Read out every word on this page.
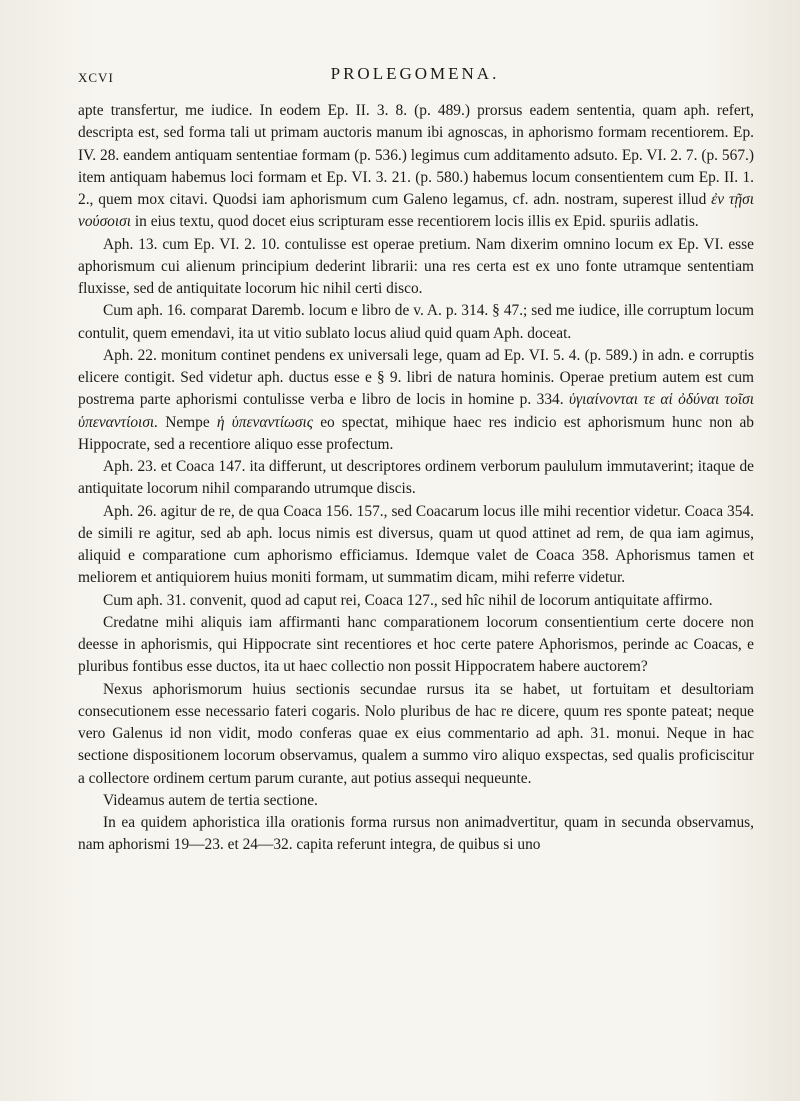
XCVI	PROLEGOMENA.

apte transfertur, me iudice. In eodem Ep. II. 3. 8. (p. 489.) prorsus eadem sententia, quam aph. refert, descripta est, sed forma tali ut primam auctoris manum ibi agnoscas, in aphorismo formam recentiorem. Ep. IV. 28. eandem antiquam sententiae formam (p. 536.) legimus cum additamento adsuto. Ep. VI. 2. 7. (p. 567.) item antiquam habemus loci formam et Ep. VI. 3. 21. (p. 580.) habemus locum consentientem cum Ep. II. 1. 2., quem mox citavi. Quodsi iam aphorismum cum Galeno legamus, cf. adn. nostram, superest illud ἐν τῇσι νούσοισι in eius textu, quod docet eius scripturam esse recentiorem locis illis ex Epid. spuriis adlatis.

Aph. 13. cum Ep. VI. 2. 10. contulisse est operae pretium. Nam dixerim omnino locum ex Ep. VI. esse aphorismum cui alienum principium dederint librarii: una res certa est ex uno fonte utramque sententiam fluxisse, sed de antiquitate locorum hic nihil certi disco.

Cum aph. 16. comparat Daremb. locum e libro de v. A. p. 314. § 47.; sed me iudice, ille corruptum locum contulit, quem emendavi, ita ut vitio sublato locus aliud quid quam Aph. doceat.

Aph. 22. monitum continet pendens ex universali lege, quam ad Ep. VI. 5. 4. (p. 589.) in adn. e corruptis elicere contigit. Sed videtur aph. ductus esse e § 9. libri de natura hominis. Operae pretium autem est cum postrema parte aphorismi contulisse verba e libro de locis in homine p. 334. ὑγιαίνονται τε αἱ ὀδύναι τοῖσι ὑπεναντίοισι. Nempe ἡ ὑπεναντίωσις eo spectat, mihique haec res indicio est aphorismum hunc non ab Hippocrate, sed a recentiore aliquo esse profectum.

Aph. 23. et Coaca 147. ita differunt, ut descriptores ordinem verborum paululum immutaverint; itaque de antiquitate locorum nihil comparando utrumque discis.

Aph. 26. agitur de re, de qua Coaca 156. 157., sed Coacarum locus ille mihi recentior videtur. Coaca 354. de simili re agitur, sed ab aph. locus nimis est diversus, quam ut quod attinet ad rem, de qua iam agimus, aliquid e comparatione cum aphorismo efficiamus. Idemque valet de Coaca 358. Aphorismus tamen et meliorem et antiquiorem huius moniti formam, ut summatim dicam, mihi referre videtur.

Cum aph. 31. convenit, quod ad caput rei, Coaca 127., sed hîc nihil de locorum antiquitate affirmo.

Credatne mihi aliquis iam affirmanti hanc comparationem locorum consentientium certe docere non deesse in aphorismis, qui Hippocrate sint recentiores et hoc certe patere Aphorismos, perinde ac Coacas, e pluribus fontibus esse ductos, ita ut haec collectio non possit Hippocratem habere auctorem?

Nexus aphorismorum huius sectionis secundae rursus ita se habet, ut fortuitam et desultoriam consecutionem esse necessario fateri cogaris. Nolo pluribus de hac re dicere, quum res sponte pateat; neque vero Galenus id non vidit, modo conferas quae ex eius commentario ad aph. 31. monui. Neque in hac sectione dispositionem locorum observamus, qualem a summo viro aliquo exspectas, sed qualis proficiscitur a collectore ordinem certum parum curante, aut potius assequi nequeunte.

Videamus autem de tertia sectione.

In ea quidem aphoristica illa orationis forma rursus non animadvertitur, quam in secunda observamus, nam aphorismi 19—23. et 24—32. capita referunt integra, de quibus si uno
